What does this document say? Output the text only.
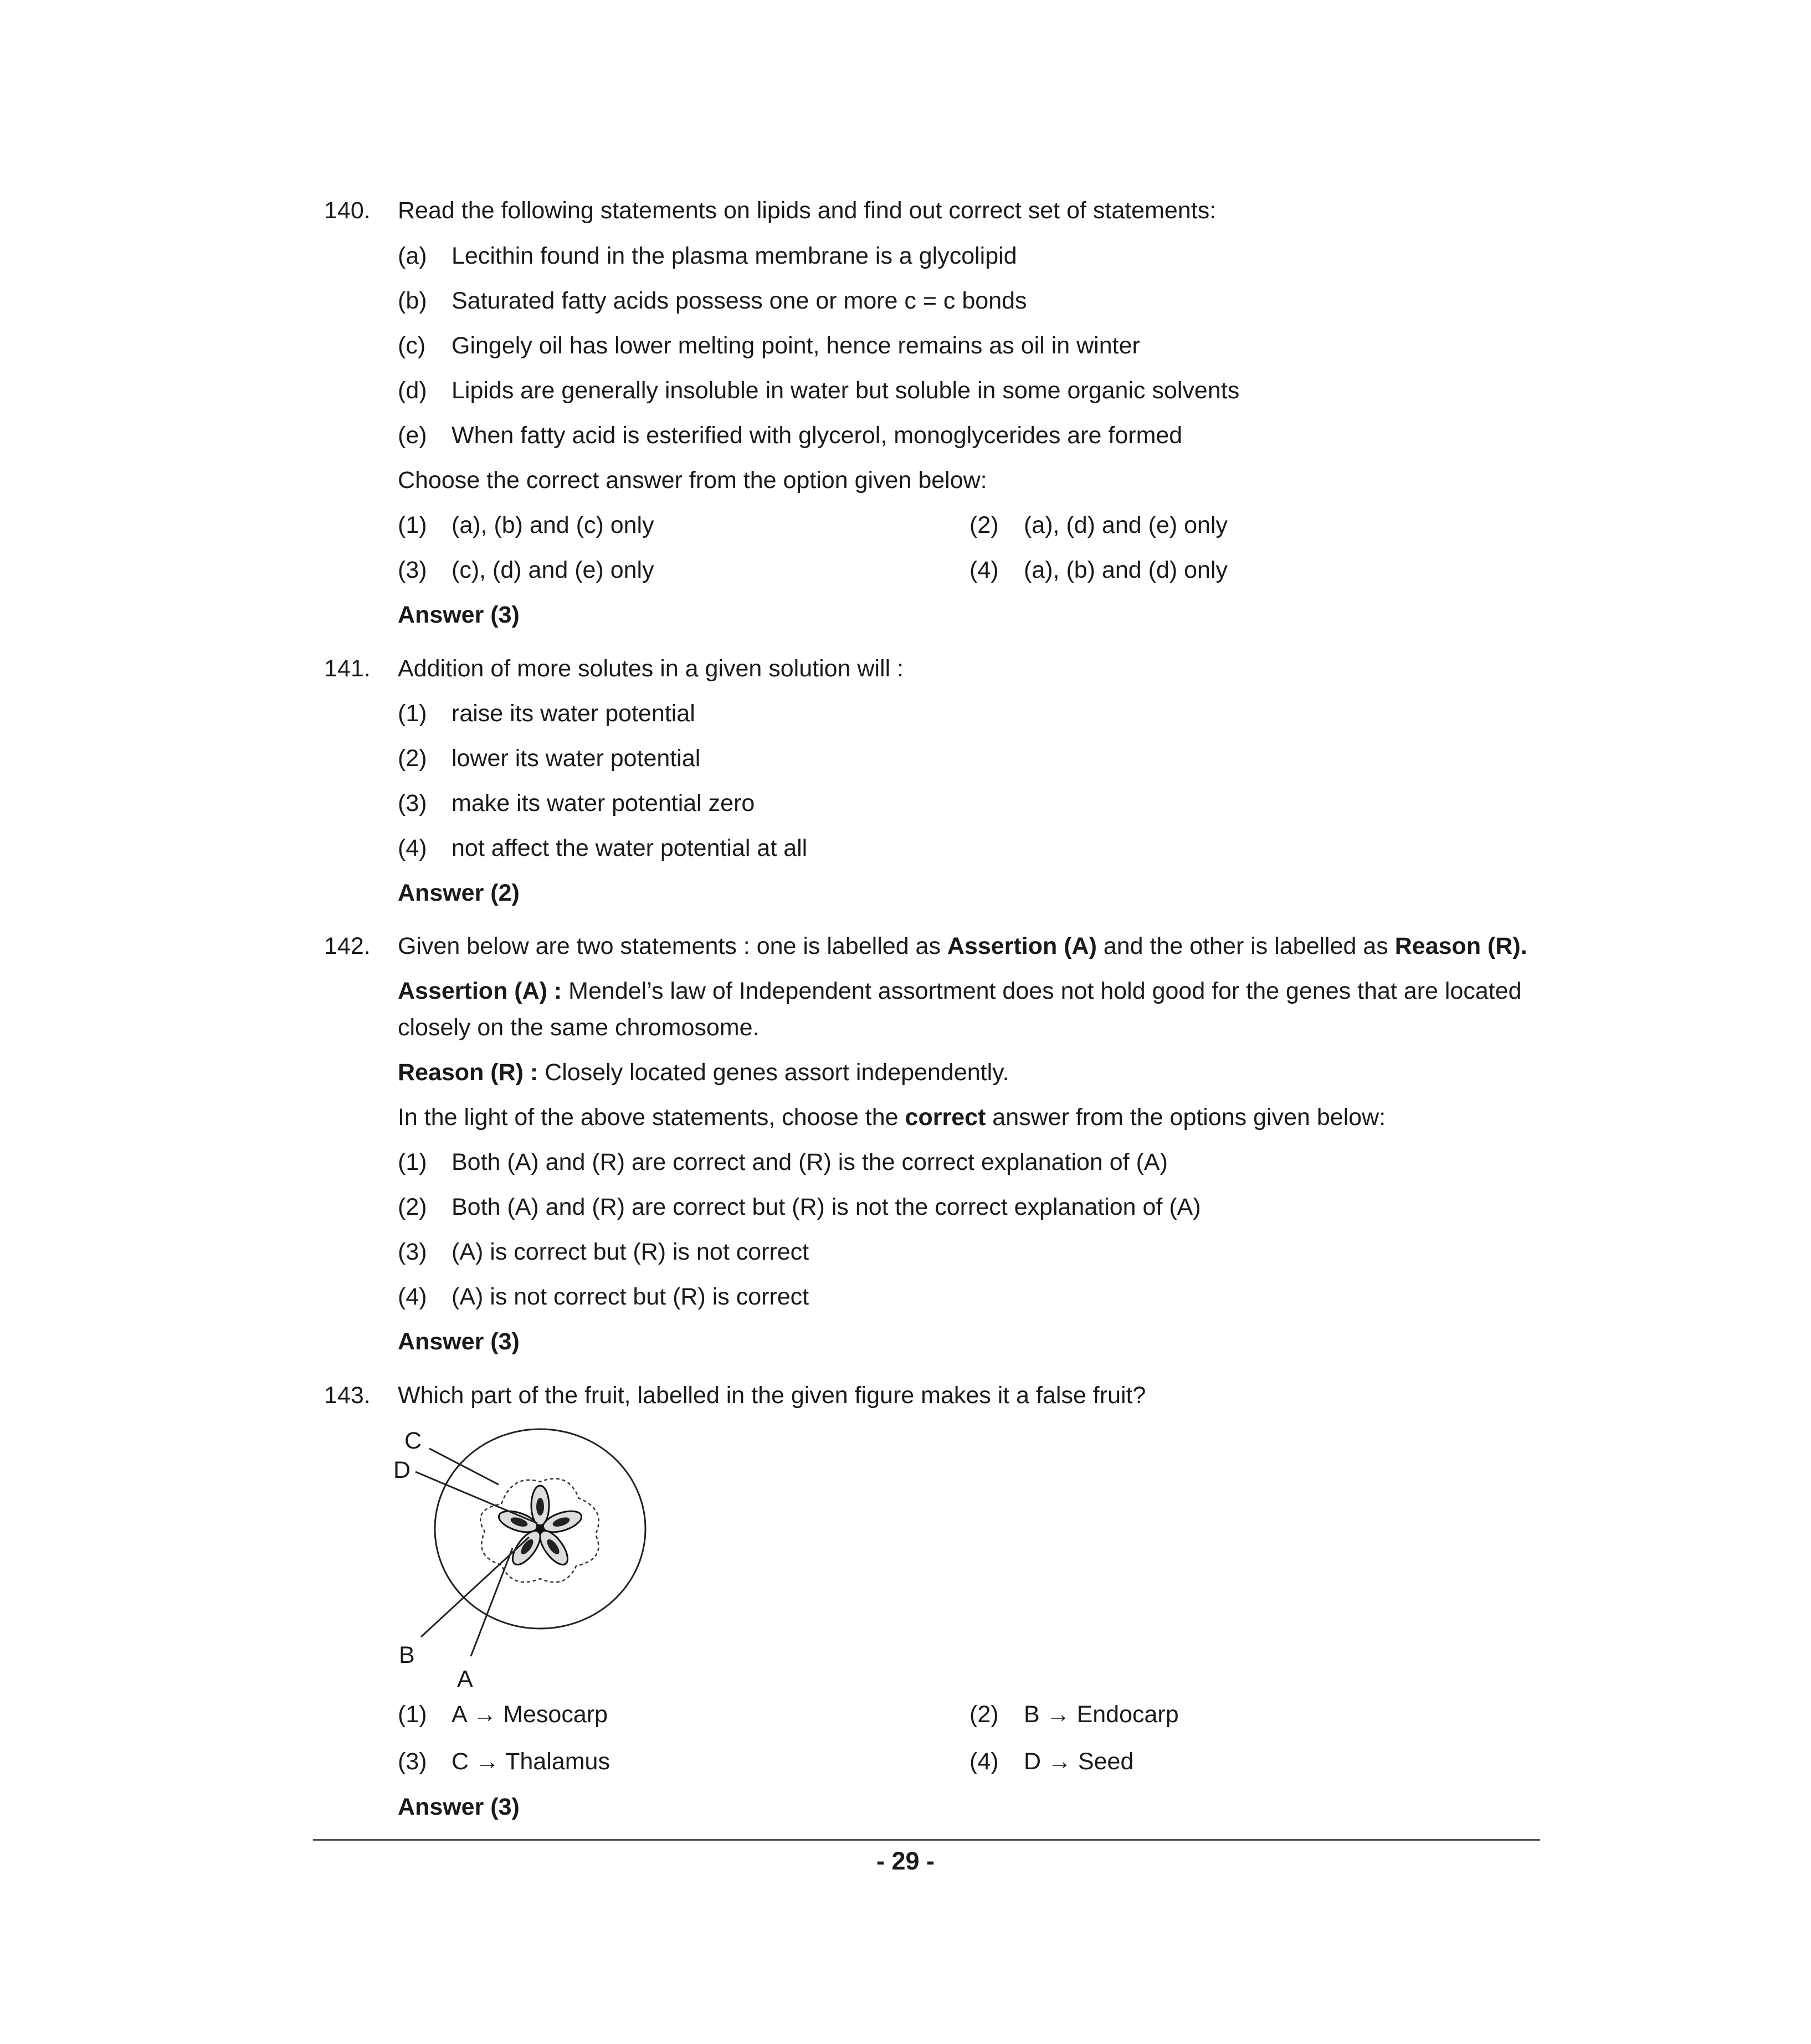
140. Read the following statements on lipids and find out correct set of statements:
(a) Lecithin found in the plasma membrane is a glycolipid
(b) Saturated fatty acids possess one or more c = c bonds
(c) Gingely oil has lower melting point, hence remains as oil in winter
(d) Lipids are generally insoluble in water but soluble in some organic solvents
(e) When fatty acid is esterified with glycerol, monoglycerides are formed
Choose the correct answer from the option given below:
(1) (a), (b) and (c) only	(2) (a), (d) and (e) only
(3) (c), (d) and (e) only	(4) (a), (b) and (d) only
Answer (3)
141. Addition of more solutes in a given solution will :
(1) raise its water potential
(2) lower its water potential
(3) make its water potential zero
(4) not affect the water potential at all
Answer (2)
142. Given below are two statements : one is labelled as Assertion (A) and the other is labelled as Reason (R).
Assertion (A) : Mendel’s law of Independent assortment does not hold good for the genes that are located
closely on the same chromosome.
Reason (R) : Closely located genes assort independently.
In the light of the above statements, choose the correct answer from the options given below:
(1) Both (A) and (R) are correct and (R) is the correct explanation of (A)
(2) Both (A) and (R) are correct but (R) is not the correct explanation of (A)
(3) (A) is correct but (R) is not correct
(4) (A) is not correct but (R) is correct
Answer (3)
143. Which part of the fruit, labelled in the given figure makes it a false fruit?
C
D
B
A
(1) A → Mesocarp	(2) B → Endocarp
(3) C → Thalamus	(4) D → Seed
Answer (3)
- 29 -
